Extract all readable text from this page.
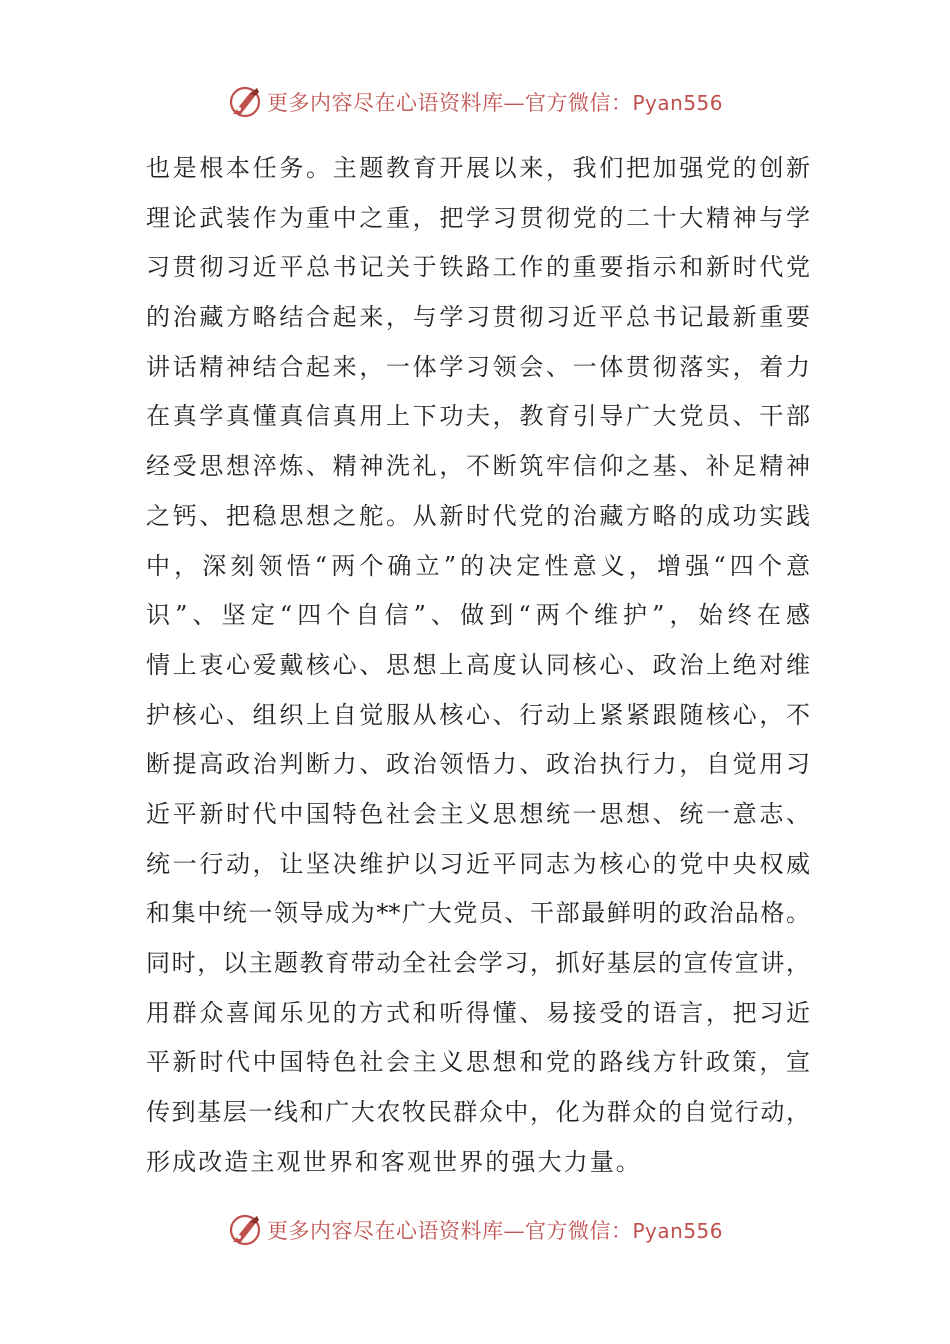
更多内容尽在心语资料库—官方微信：Pyan556
也是根本任务。主题教育开展以来，我们把加强党的创新
理论武装作为重中之重，把学习贯彻党的二十大精神与学
习贯彻习近平总书记关于铁路工作的重要指示和新时代党
的治藏方略结合起来，与学习贯彻习近平总书记最新重要
讲话精神结合起来，一体学习领会、一体贯彻落实，着力
在真学真懂真信真用上下功夫，教育引导广大党员、干部
经受思想淬炼、精神洗礼，不断筑牢信仰之基、补足精神
之钙、把稳思想之舵。从新时代党的治藏方略的成功实践
中，深刻领悟“两个确立”的决定性意义，增强“四个意
识”、坚定“四个自信”、做到“两个维护”，始终在感
情上衷心爱戴核心、思想上高度认同核心、政治上绝对维
护核心、组织上自觉服从核心、行动上紧紧跟随核心，不
断提高政治判断力、政治领悟力、政治执行力，自觉用习
近平新时代中国特色社会主义思想统一思想、统一意志、
统一行动，让坚决维护以习近平同志为核心的党中央权威
和集中统一领导成为**广大党员、干部最鲜明的政治品格。
同时，以主题教育带动全社会学习，抓好基层的宣传宣讲，
用群众喜闻乐见的方式和听得懂、易接受的语言，把习近
平新时代中国特色社会主义思想和党的路线方针政策，宣
传到基层一线和广大农牧民群众中，化为群众的自觉行动，
形成改造主观世界和客观世界的强大力量。
更多内容尽在心语资料库—官方微信：Pyan556
